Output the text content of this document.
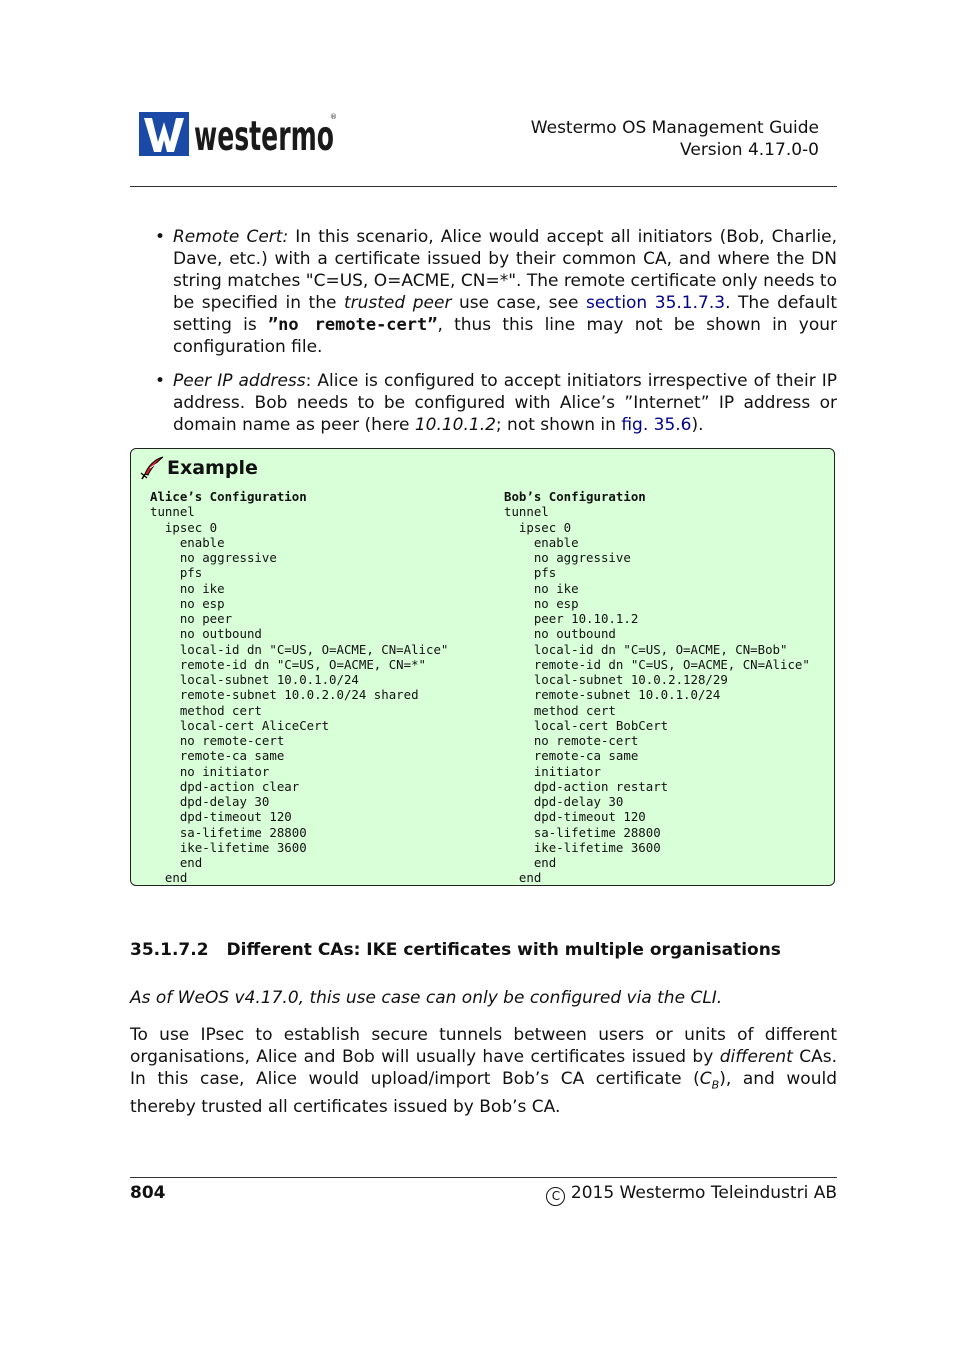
westermo
®
Westermo OS Management Guide
Version 4.17.0-0
• Remote Cert: In this scenario, Alice would accept all initiators (Bob, Charlie, Dave, etc.) with a certificate issued by their common CA, and where the DN string matches "C=US, O=ACME, CN=*". The remote certificate only needs to be specified in the trusted peer use case, see section 35.1.7.3. The default setting is ”no remote-cert”, thus this line may not be shown in your configuration file.
• Peer IP address: Alice is configured to accept initiators irrespective of their IP address. Bob needs to be configured with Alice’s ”Internet” IP address or domain name as peer (here 10.10.1.2; not shown in fig. 35.6).
Example
Alice’s Configuration
tunnel
ipsec 0
enable
no aggressive
pfs
no ike
no esp
no peer
no outbound
local-id dn "C=US, O=ACME, CN=Alice"
remote-id dn "C=US, O=ACME, CN=*"
local-subnet 10.0.1.0/24
remote-subnet 10.0.2.0/24 shared
method cert
local-cert AliceCert
no remote-cert
remote-ca same
no initiator
dpd-action clear
dpd-delay 30
dpd-timeout 120
sa-lifetime 28800
ike-lifetime 3600
end
end
Bob’s Configuration
tunnel
ipsec 0
enable
no aggressive
pfs
no ike
no esp
peer 10.10.1.2
no outbound
local-id dn "C=US, O=ACME, CN=Bob"
remote-id dn "C=US, O=ACME, CN=Alice"
local-subnet 10.0.2.128/29
remote-subnet 10.0.1.0/24
method cert
local-cert BobCert
no remote-cert
remote-ca same
initiator
dpd-action restart
dpd-delay 30
dpd-timeout 120
sa-lifetime 28800
ike-lifetime 3600
end
end
35.1.7.2 Different CAs: IKE certificates with multiple organisations
As of WeOS v4.17.0, this use case can only be configured via the CLI.
To use IPsec to establish secure tunnels between users or units of different organisations, Alice and Bob will usually have certificates issued by different CAs. In this case, Alice would upload/import Bob’s CA certificate $(C_B)$, and would thereby trusted all certificates issued by Bob’s CA.
804	C 2015 Westermo Teleindustri AB
